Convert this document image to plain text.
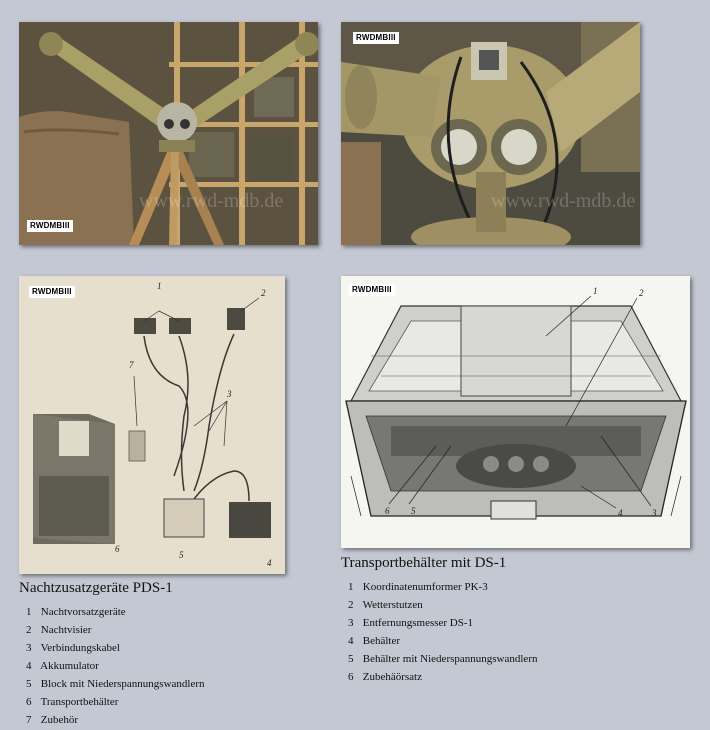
RWDMBIII
www.rwd-mdb.de
RWDMBIII
www.rwd-mdb.de
1
2
3
4
5
6
7
RWDMBIII	1	2
3
4
5
6
RWDMBIII
Nachtzusatzgeräte PDS-1
1 Nachtvorsatzgeräte
2 Nachtvisier
3 Verbindungskabel
4 Akkumulator
5 Block mit Niederspannungswandlern
6 Transportbehälter
7 Zubehör
Transportbehälter mit DS-1
1 Koordinatenumformer PK-3
2 Wetterstutzen
3 Entfernungsmesser DS-1
4 Behälter
5 Behälter mit Niederspannungswandlern
6 Zubehäörsatz
